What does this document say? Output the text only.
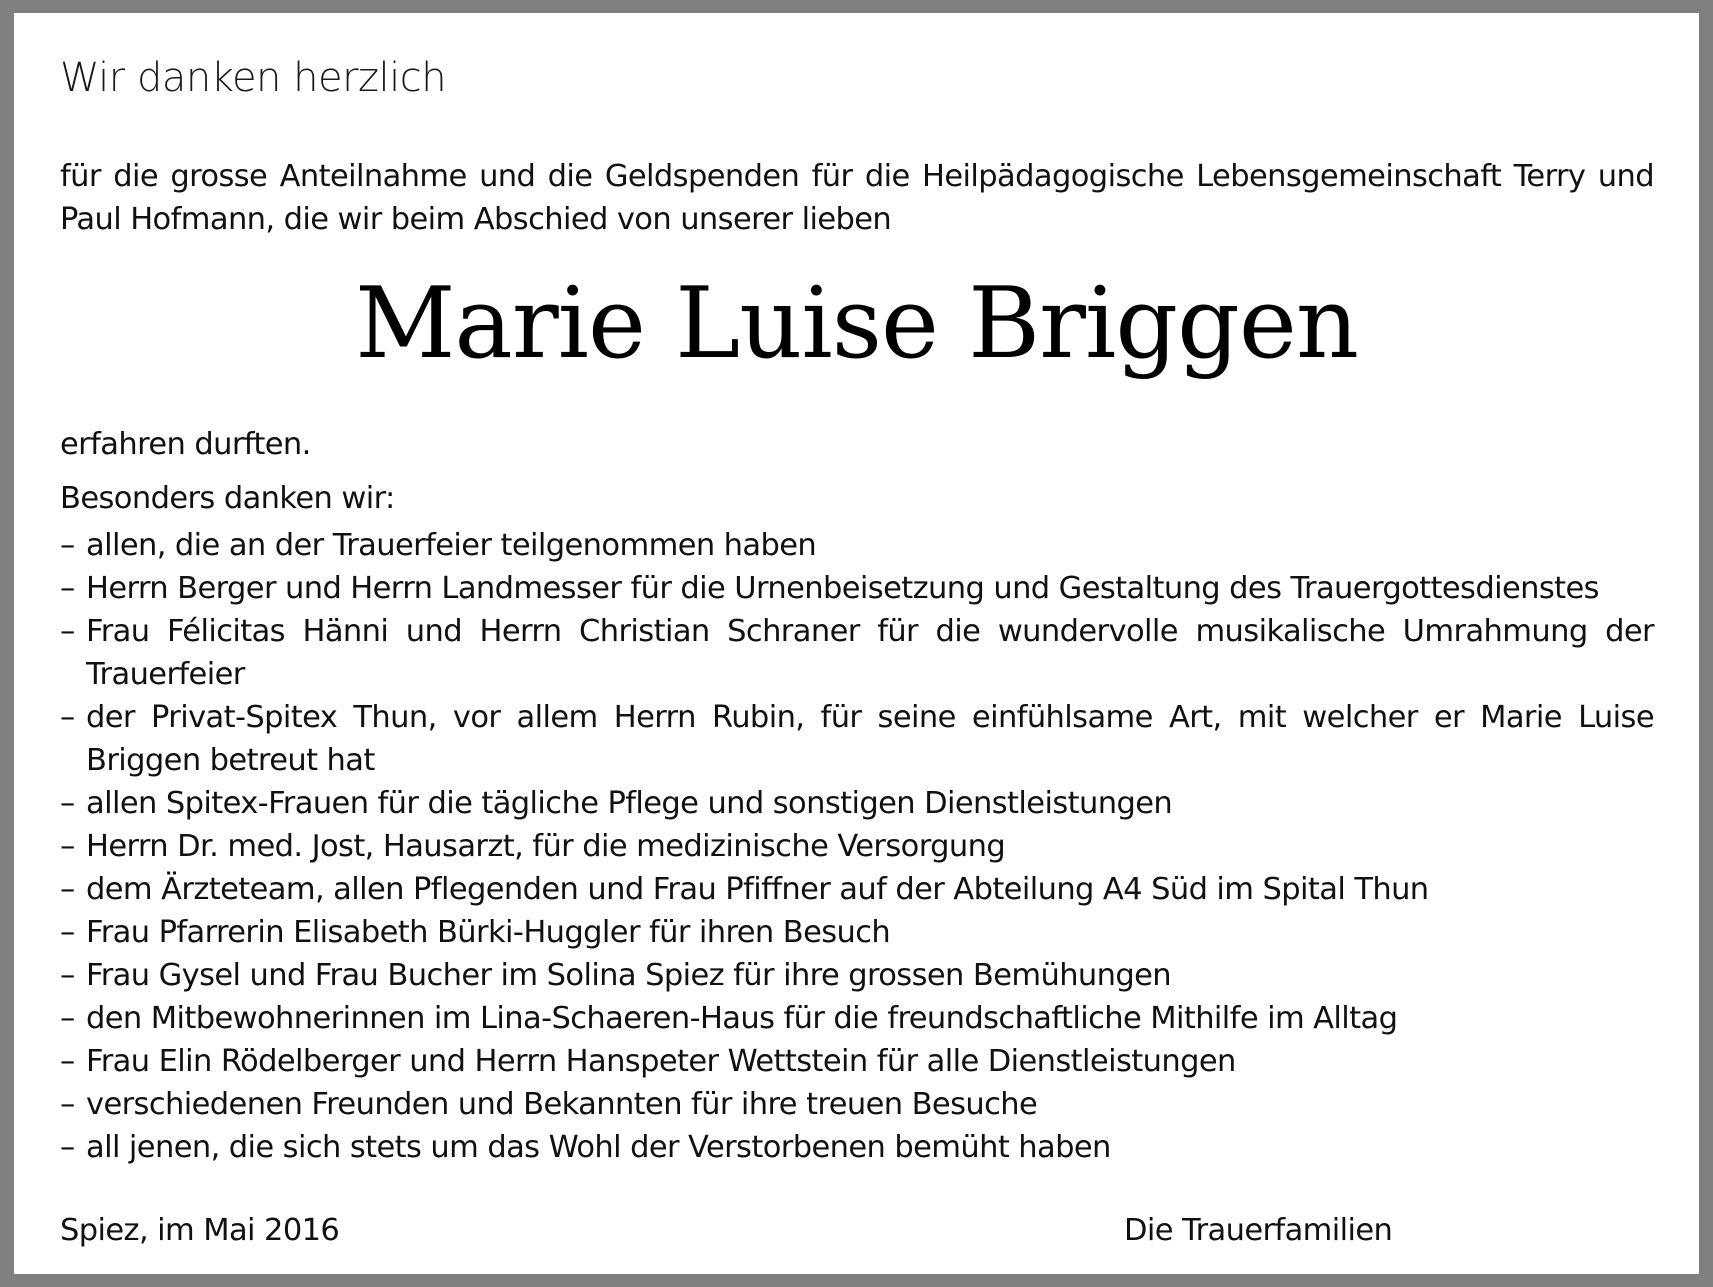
Wir danken herzlich
für die grosse Anteilnahme und die Geldspenden für die Heilpädagogische Lebensgemeinschaft Terry und Paul Hofmann, die wir beim Abschied von unserer lieben
Marie Luise Briggen
erfahren durften.
Besonders danken wir:
– allen, die an der Trauerfeier teilgenommen haben
– Herrn Berger und Herrn Landmesser für die Urnenbeisetzung und Gestaltung des Trauergottesdienstes
– Frau Félicitas Hänni und Herrn Christian Schraner für die wundervolle musikalische Umrahmung der Trauerfeier
– der Privat-Spitex Thun, vor allem Herrn Rubin, für seine einfühlsame Art, mit welcher er Marie Luise Briggen betreut hat
– allen Spitex-Frauen für die tägliche Pflege und sonstigen Dienstleistungen
– Herrn Dr. med. Jost, Hausarzt, für die medizinische Versorgung
– dem Ärzteteam, allen Pflegenden und Frau Pfiffner auf der Abteilung A4 Süd im Spital Thun
– Frau Pfarrerin Elisabeth Bürki-Huggler für ihren Besuch
– Frau Gysel und Frau Bucher im Solina Spiez für ihre grossen Bemühungen
– den Mitbewohnerinnen im Lina-Schaeren-Haus für die freundschaftliche Mithilfe im Alltag
– Frau Elin Rödelberger und Herrn Hanspeter Wettstein für alle Dienstleistungen
– verschiedenen Freunden und Bekannten für ihre treuen Besuche
– all jenen, die sich stets um das Wohl der Verstorbenen bemüht haben
Spiez, im Mai 2016	Die Trauerfamilien
